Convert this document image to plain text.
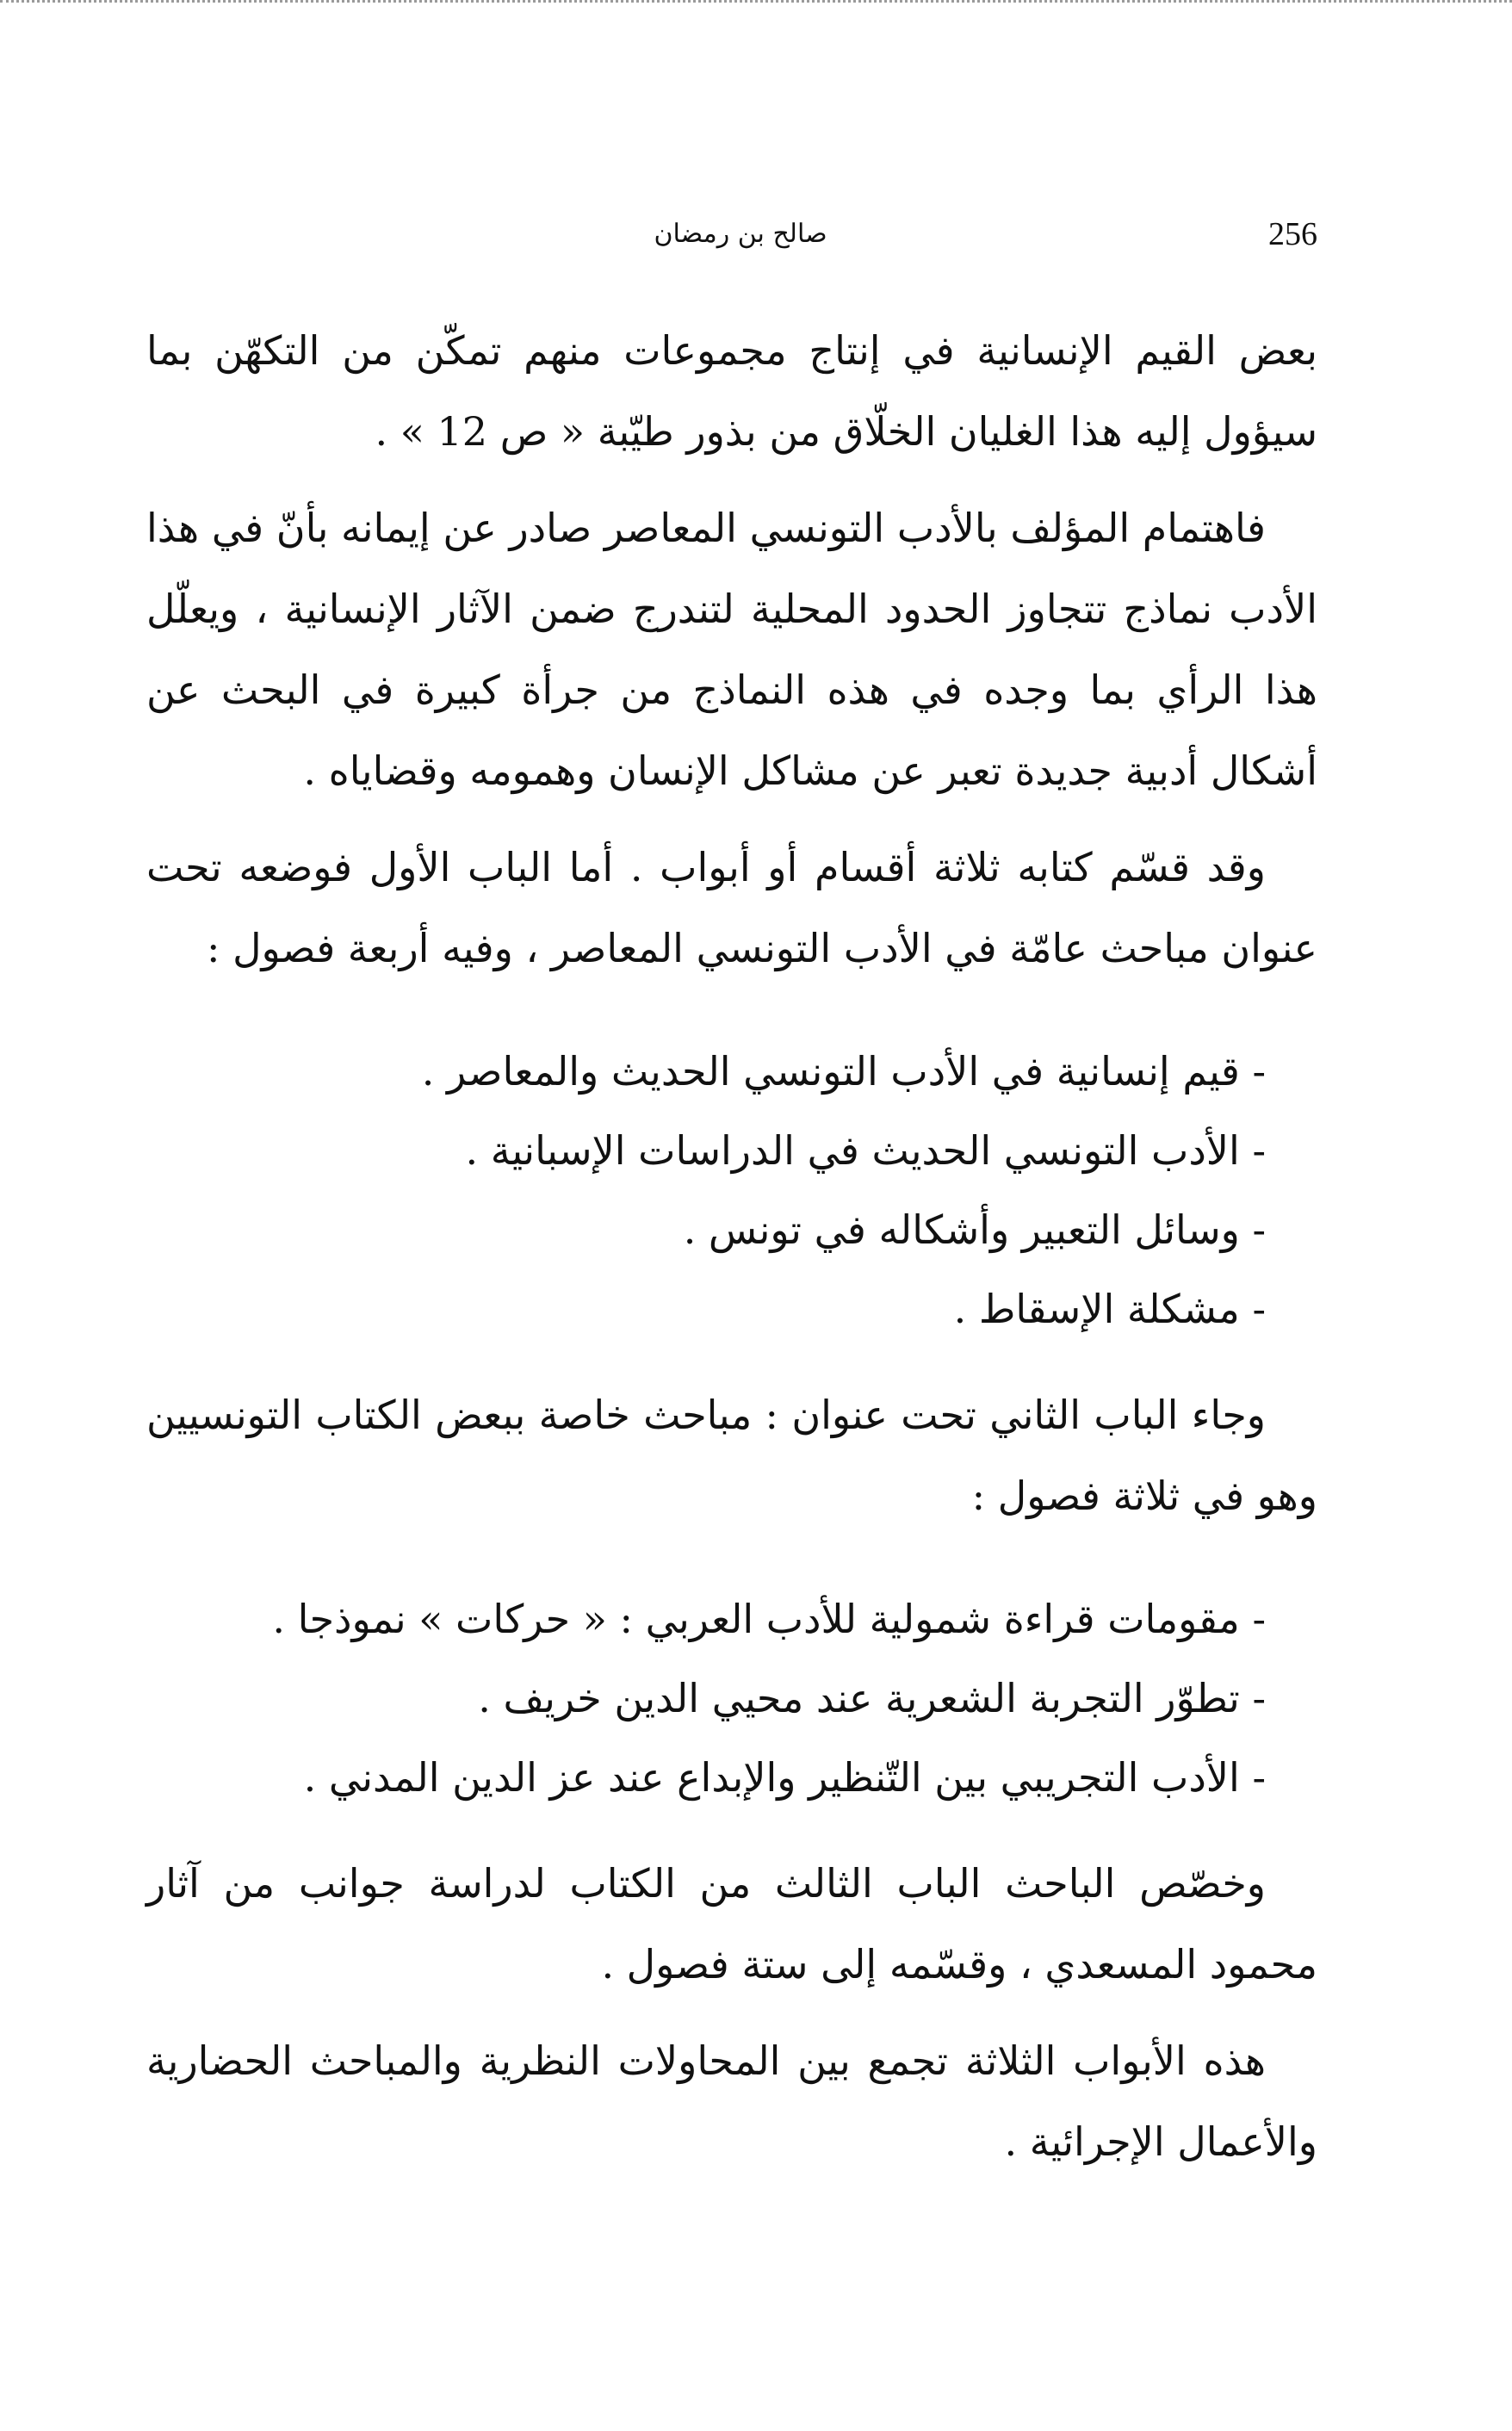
256
صالح بن رمضان

بعض القيم الإنسانية في إنتاج مجموعات منهم تمكّن من التكهّن بما سيؤول إليه هذا الغليان الخلّاق من بذور طيّبة « ص 12 » .

فاهتمام المؤلف بالأدب التونسي المعاصر صادر عن إيمانه بأنّ في هذا الأدب نماذج تتجاوز الحدود المحلية لتندرج ضمن الآثار الإنسانية ، ويعلّل هذا الرأي بما وجده في هذه النماذج من جرأة كبيرة في البحث عن أشكال أدبية جديدة تعبر عن مشاكل الإنسان وهمومه وقضاياه .

وقد قسّم كتابه ثلاثة أقسام أو أبواب . أما الباب الأول فوضعه تحت عنوان مباحث عامّة في الأدب التونسي المعاصر ، وفيه أربعة فصول :

- قيم إنسانية في الأدب التونسي الحديث والمعاصر .
- الأدب التونسي الحديث في الدراسات الإسبانية .
- وسائل التعبير وأشكاله في تونس .
- مشكلة الإسقاط .

وجاء الباب الثاني تحت عنوان : مباحث خاصة ببعض الكتاب التونسيين وهو في ثلاثة فصول :

- مقومات قراءة شمولية للأدب العربي : « حركات » نموذجا .
- تطوّر التجربة الشعرية عند محيي الدين خريف .
- الأدب التجريبي بين التّنظير والإبداع عند عز الدين المدني .

وخصّص الباحث الباب الثالث من الكتاب لدراسة جوانب من آثار محمود المسعدي ، وقسّمه إلى ستة فصول .

هذه الأبواب الثلاثة تجمع بين المحاولات النظرية والمباحث الحضارية والأعمال الإجرائية .
